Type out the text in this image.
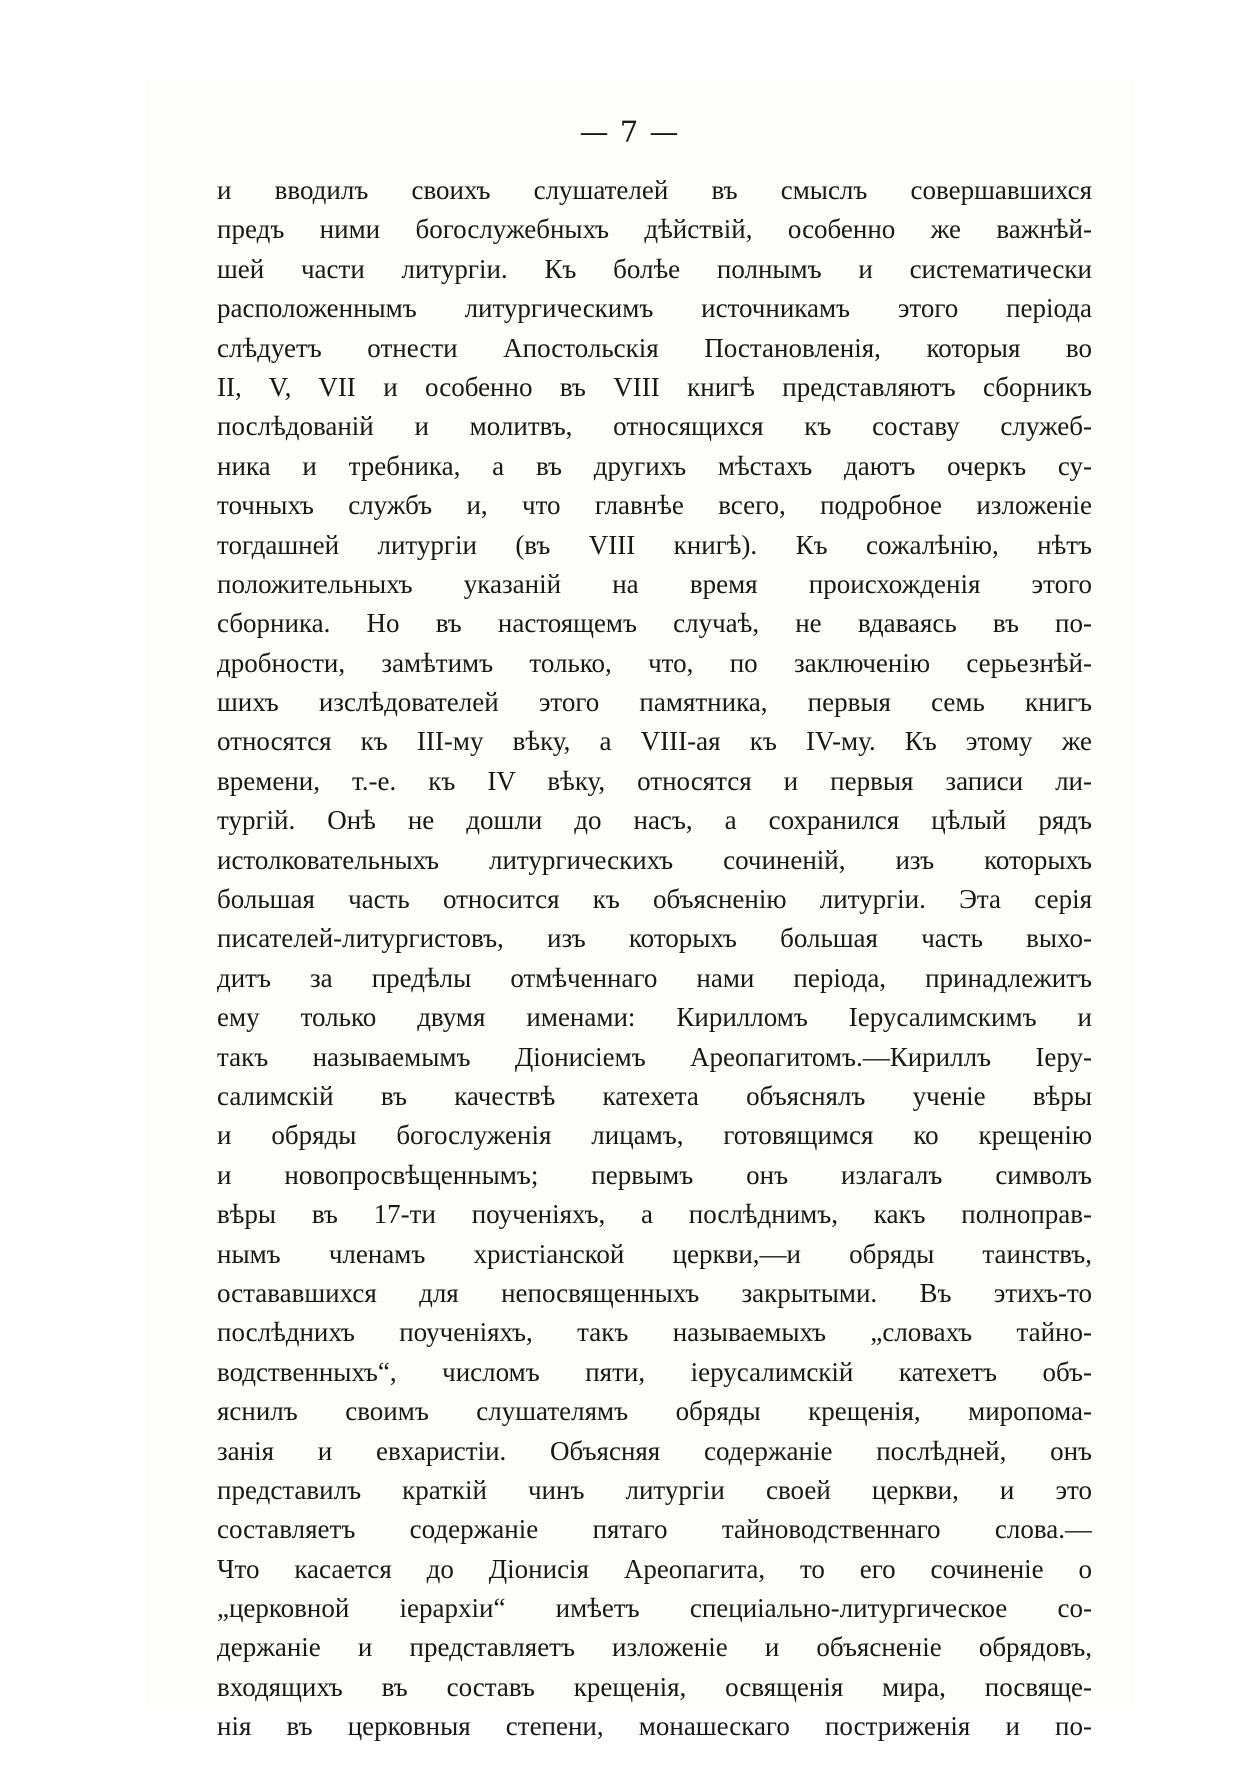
— 7 —
и вводилъ своихъ слушателей въ смыслъ совершавшихся
предъ ними богослужебныхъ дѣйствій, особенно же важнѣй-
шей части литургіи. Къ болѣе полнымъ и систематически
расположеннымъ литургическимъ источникамъ этого періода
слѣдуетъ отнести Апостольскія Постановленія, которыя во
II, V, VII и особенно въ VIII книгѣ представляютъ сборникъ
послѣдованій и молитвъ, относящихся къ составу служеб-
ника и требника, а въ другихъ мѣстахъ даютъ очеркъ су-
точныхъ службъ и, что главнѣе всего, подробное изложеніе
тогдашней литургіи (въ VIII книгѣ). Къ сожалѣнію, нѣтъ
положительныхъ указаній на время происхожденія этого
сборника. Но въ настоящемъ случаѣ, не вдаваясь въ по-
дробности, замѣтимъ только, что, по заключенію серьезнѣй-
шихъ изслѣдователей этого памятника, первыя семь книгъ
относятся къ III-му вѣку, а VIII-ая къ IV-му. Къ этому же
времени, т.-е. къ IV вѣку, относятся и первыя записи ли-
тургій. Онѣ не дошли до насъ, а сохранился цѣлый рядъ
истолковательныхъ литургическихъ сочиненій, изъ которыхъ
большая часть относится къ объясненію литургіи. Эта серія
писателей-литургистовъ, изъ которыхъ большая часть выхо-
дитъ за предѣлы отмѣченнаго нами періода, принадлежитъ
ему только двумя именами: Кирилломъ Іерусалимскимъ и
такъ называемымъ Діонисіемъ Ареопагитомъ.—Кириллъ Іеру-
салимскій въ качествѣ катехета объяснялъ ученіе вѣры
и обряды богослуженія лицамъ, готовящимся ко крещенію
и новопросвѣщеннымъ; первымъ онъ излагалъ символъ
вѣры въ 17-ти поученіяхъ, а послѣднимъ, какъ полноправ-
нымъ членамъ христіанской церкви,—и обряды таинствъ,
остававшихся для непосвященныхъ закрытыми. Въ этихъ-то
послѣднихъ поученіяхъ, такъ называемыхъ „словахъ тайно-
водственныхъ“, числомъ пяти, іерусалимскій катехетъ объ-
яснилъ своимъ слушателямъ обряды крещенія, миропома-
занія и евхаристіи. Объясняя содержаніе послѣдней, онъ
представилъ краткій чинъ литургіи своей церкви, и это
составляетъ содержаніе пятаго тайноводственнаго слова.—
Что касается до Діонисія Ареопагита, то его сочиненіе о
„церковной іерархіи“ имѣетъ специіально-литургическое со-
держаніе и представляетъ изложеніе и объясненіе обрядовъ,
входящихъ въ составъ крещенія, освященія мира, посвяще-
нія въ церковныя степени, монашескаго постриженія и по-
